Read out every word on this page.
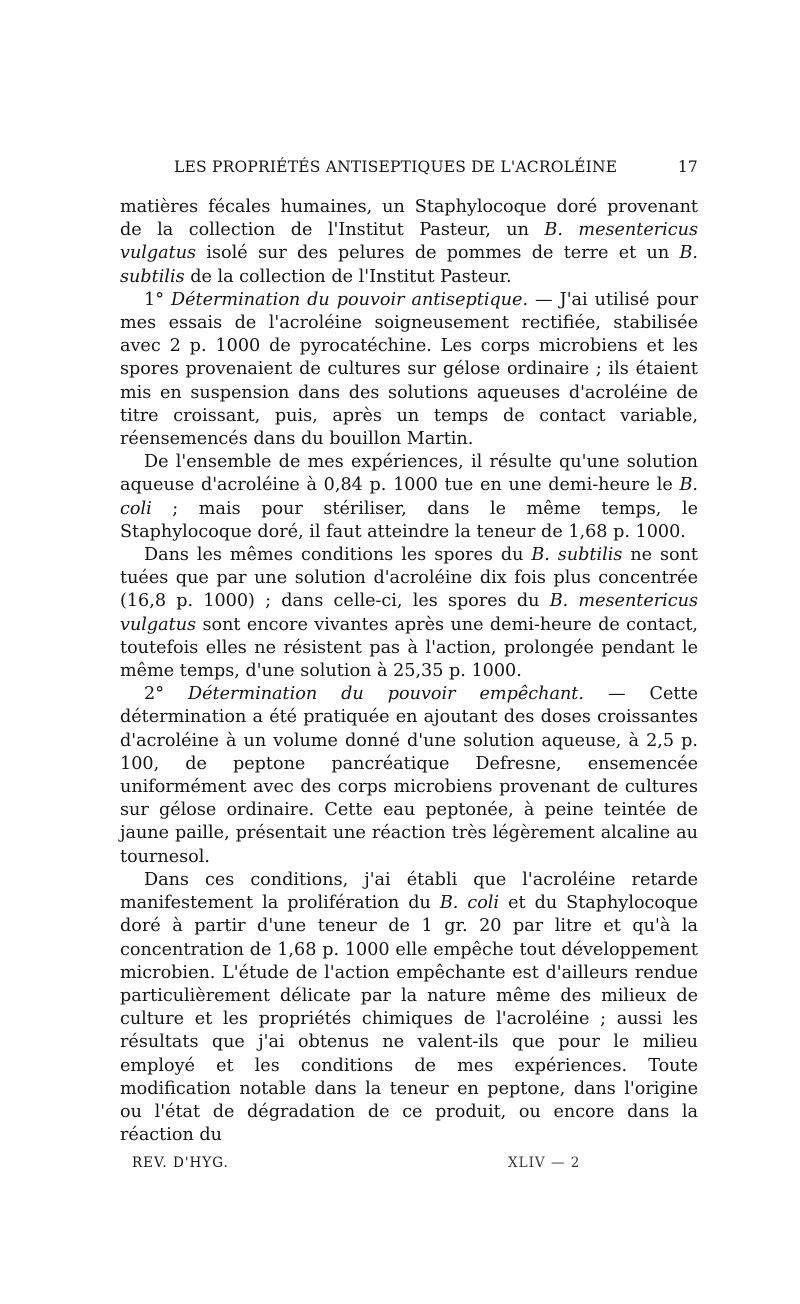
LES PROPRIÉTÉS ANTISEPTIQUES DE L'ACROLÉINE	17

matières fécales humaines, un Staphylocoque doré provenant de la collection de l'Institut Pasteur, un B. mesentericus vulgatus isolé sur des pelures de pommes de terre et un B. subtilis de la collection de l'Institut Pasteur.

1° Détermination du pouvoir antiseptique. — J'ai utilisé pour mes essais de l'acroléine soigneusement rectifiée, stabilisée avec 2 p. 1000 de pyrocatéchine. Les corps microbiens et les spores provenaient de cultures sur gélose ordinaire ; ils étaient mis en suspension dans des solutions aqueuses d'acroléine de titre croissant, puis, après un temps de contact variable, réensemencés dans du bouillon Martin.

De l'ensemble de mes expériences, il résulte qu'une solution aqueuse d'acroléine à 0,84 p. 1000 tue en une demi-heure le B. coli ; mais pour stériliser, dans le même temps, le Staphylocoque doré, il faut atteindre la teneur de 1,68 p. 1000.

Dans les mêmes conditions les spores du B. subtilis ne sont tuées que par une solution d'acroléine dix fois plus concentrée (16,8 p. 1000) ; dans celle-ci, les spores du B. mesentericus vulgatus sont encore vivantes après une demi-heure de contact, toutefois elles ne résistent pas à l'action, prolongée pendant le même temps, d'une solution à 25,35 p. 1000.

2° Détermination du pouvoir empêchant. — Cette détermination a été pratiquée en ajoutant des doses croissantes d'acroléine à un volume donné d'une solution aqueuse, à 2,5 p. 100, de peptone pancréatique Defresne, ensemencée uniformément avec des corps microbiens provenant de cultures sur gélose ordinaire. Cette eau peptonée, à peine teintée de jaune paille, présentait une réaction très légèrement alcaline au tournesol.

Dans ces conditions, j'ai établi que l'acroléine retarde manifestement la prolifération du B. coli et du Staphylocoque doré à partir d'une teneur de 1 gr. 20 par litre et qu'à la concentration de 1,68 p. 1000 elle empêche tout développement microbien. L'étude de l'action empêchante est d'ailleurs rendue particulièrement délicate par la nature même des milieux de culture et les propriétés chimiques de l'acroléine ; aussi les résultats que j'ai obtenus ne valent-ils que pour le milieu employé et les conditions de mes expériences. Toute modification notable dans la teneur en peptone, dans l'origine ou l'état de dégradation de ce produit, ou encore dans la réaction du

REV. D'HYG.	XLIV — 2
